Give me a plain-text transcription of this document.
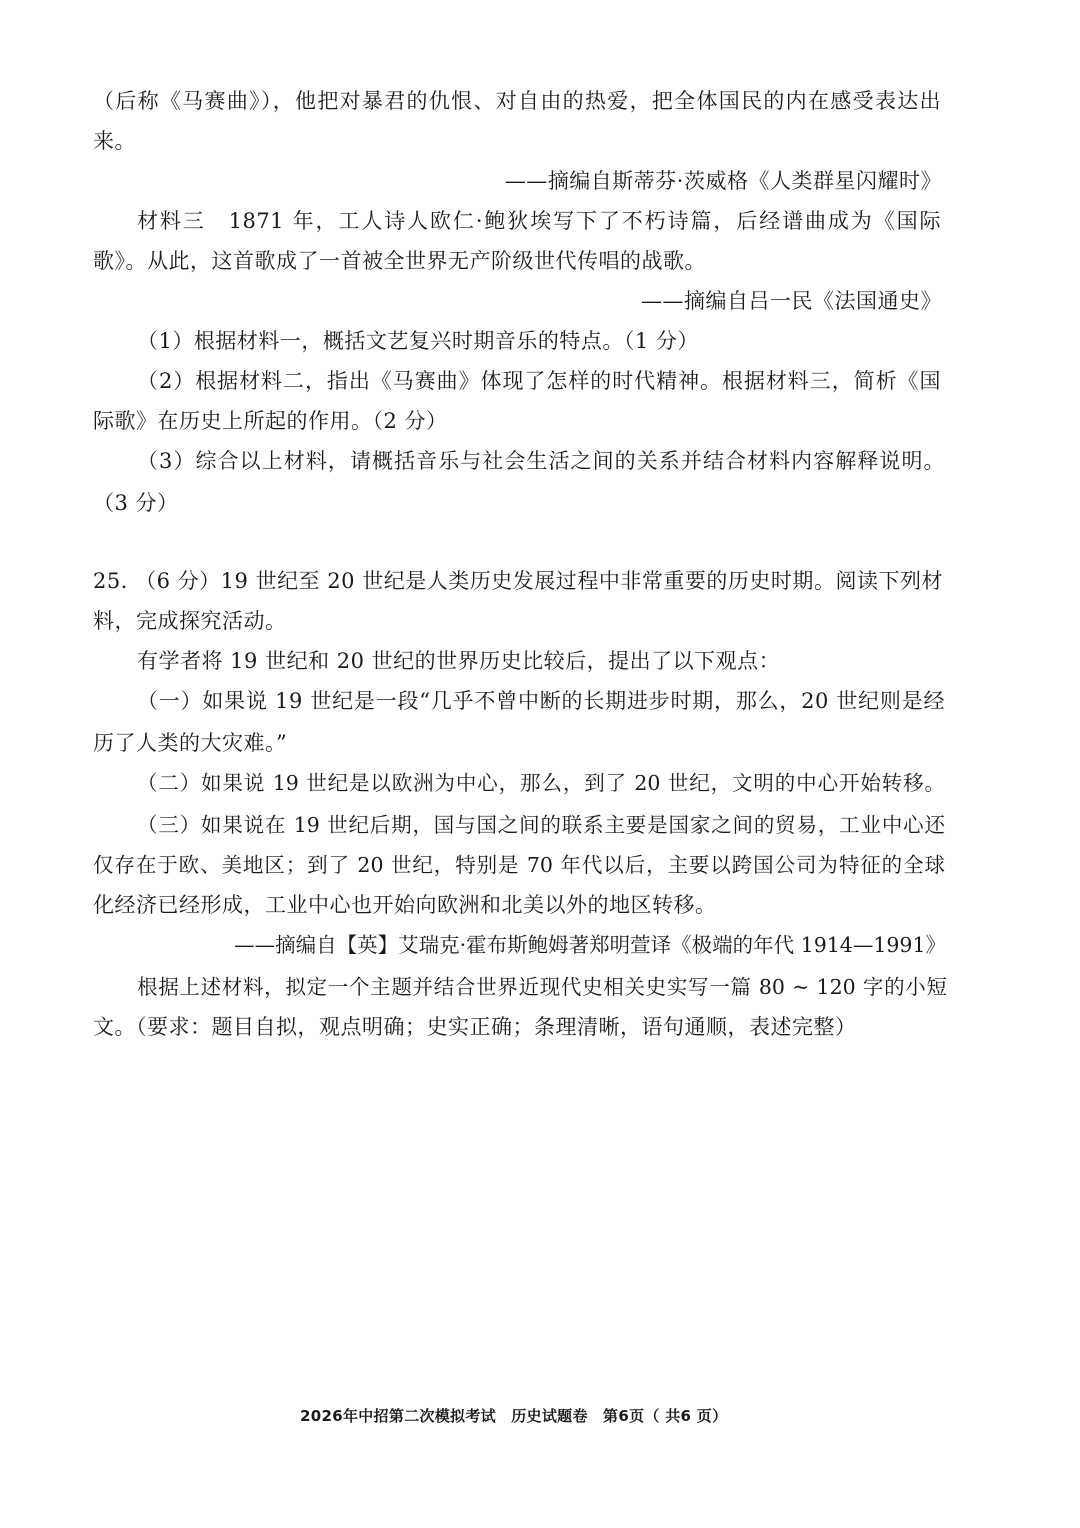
（后称《马赛曲》），他把对暴君的仇恨、对自由的热爱，把全体国民的内在感受表达出
来。
——摘编自斯蒂芬·茨威格《人类群星闪耀时》
材料三　1871 年，工人诗人欧仁·鲍狄埃写下了不朽诗篇，后经谱曲成为《国际
歌》。从此，这首歌成了一首被全世界无产阶级世代传唱的战歌。
——摘编自吕一民《法国通史》
（1）根据材料一，概括文艺复兴时期音乐的特点。（1 分）
（2）根据材料二，指出《马赛曲》体现了怎样的时代精神。根据材料三，简析《国
际歌》在历史上所起的作用。（2 分）
（3）综合以上材料，请概括音乐与社会生活之间的关系并结合材料内容解释说明。
（3 分）
25. （6 分）19 世纪至 20 世纪是人类历史发展过程中非常重要的历史时期。阅读下列材
料，完成探究活动。
有学者将 19 世纪和 20 世纪的世界历史比较后，提出了以下观点：
（一）如果说 19 世纪是一段“几乎不曾中断的长期进步时期，那么，20 世纪则是经
历了人类的大灾难。”
（二）如果说 19 世纪是以欧洲为中心，那么，到了 20 世纪，文明的中心开始转移。
（三）如果说在 19 世纪后期，国与国之间的联系主要是国家之间的贸易，工业中心还
仅存在于欧、美地区；到了 20 世纪，特别是 70 年代以后，主要以跨国公司为特征的全球
化经济已经形成，工业中心也开始向欧洲和北美以外的地区转移。
——摘编自【英】艾瑞克·霍布斯鲍姆著郑明萱译《极端的年代 1914—1991》
根据上述材料，拟定一个主题并结合世界近现代史相关史实写一篇 80 ~ 120 字的小短
文。（要求：题目自拟，观点明确；史实正确；条理清晰，语句通顺，表述完整）
2026年中招第二次模拟考试　历史试题卷　第6页（ 共6 页）
